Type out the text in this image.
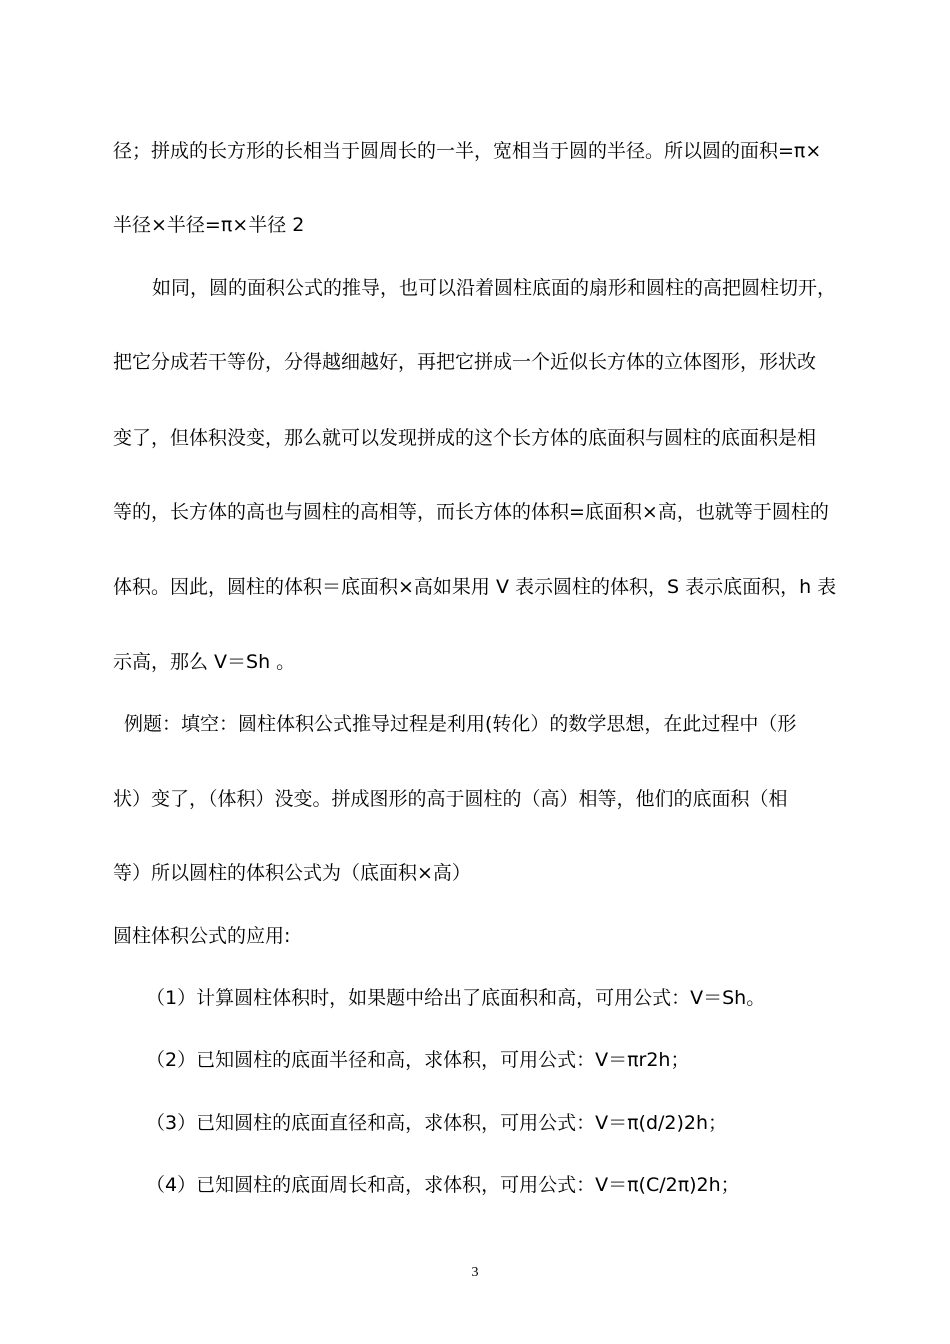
径；拼成的长方形的长相当于圆周长的一半，宽相当于圆的半径。所以圆的面积=π×
半径×半径=π×半径 2
如同，圆的面积公式的推导，也可以沿着圆柱底面的扇形和圆柱的高把圆柱切开，
把它分成若干等份，分得越细越好，再把它拼成一个近似长方体的立体图形，形状改
变了，但体积没变，那么就可以发现拼成的这个长方体的底面积与圆柱的底面积是相
等的，长方体的高也与圆柱的高相等，而长方体的体积=底面积×高，也就等于圆柱的
体积。因此，圆柱的体积＝底面积×高如果用 V 表示圆柱的体积，S 表示底面积，h 表
示高，那么 V＝Sh 。
例题：填空：圆柱体积公式推导过程是利用(转化）的数学思想，在此过程中（形
状）变了，（体积）没变。拼成图形的高于圆柱的（高）相等，他们的底面积（相
等）所以圆柱的体积公式为（底面积×高）
圆柱体积公式的应用:
（1）计算圆柱体积时，如果题中给出了底面积和高，可用公式：V＝Sh。
（2）已知圆柱的底面半径和高，求体积，可用公式：V＝πr2h；
（3）已知圆柱的底面直径和高，求体积，可用公式：V＝π(d/2)2h；
（4）已知圆柱的底面周长和高，求体积，可用公式：V＝π(C/2π)2h；
3
